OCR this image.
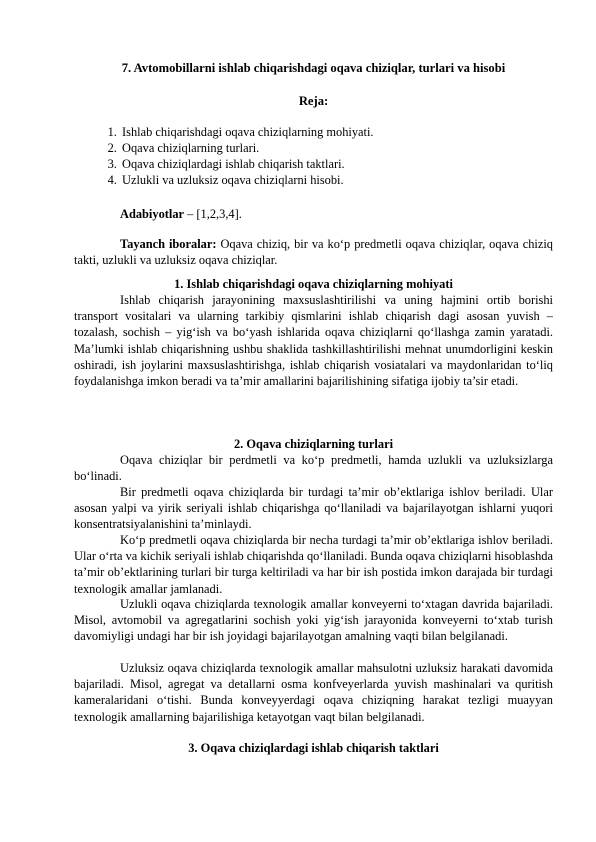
7. Avtomobillarni ishlab chiqarishdagi oqava chiziqlar, turlari va hisobi
Reja:
1. Ishlab chiqarishdagi oqava chiziqlarning mohiyati.
2. Oqava chiziqlarning turlari.
3. Oqava chiziqlardagi ishlab chiqarish taktlari.
4. Uzlukli va uzluksiz oqava chiziqlarni hisobi.
Adabiyotlar – [1,2,3,4].
Tayanch iboralar: Oqava chiziq, bir va ko‘p predmetli oqava chiziqlar, oqava chiziq takti, uzlukli va uzluksiz oqava chiziqlar.
1. Ishlab chiqarishdagi oqava chiziqlarning mohiyati
Ishlab chiqarish jarayonining maxsuslashtirilishi va uning hajmini ortib borishi transport vositalari va ularning tarkibiy qismlarini ishlab chiqarish dagi asosan yuvish – tozalash, sochish – yig‘ish va bo‘yash ishlarida oqava chiziqlarni qo‘llashga zamin yaratadi. Ma’lumki ishlab chiqarishning ushbu shaklida tashkillashtirilishi mehnat unumdorligini keskin oshiradi, ish joylarini maxsuslashtirishga, ishlab chiqarish vosiatalari va maydonlaridan to‘liq foydalanishga imkon beradi va ta’mir amallarini bajarilishining sifatiga ijobiy ta’sir etadi.
2. Oqava chiziqlarning turlari
Oqava chiziqlar bir perdmetli va ko‘p predmetli, hamda uzlukli va uzluksizlarga bo‘linadi.
Bir predmetli oqava chiziqlarda bir turdagi ta’mir ob’ektlariga ishlov beriladi. Ular asosan yalpi va yirik seriyali ishlab chiqarishga qo‘llaniladi va bajarilayotgan ishlarni yuqori konsentratsiyalanishini ta’minlaydi.
Ko‘p predmetli oqava chiziqlarda bir necha turdagi ta’mir ob’ektlariga ishlov beriladi. Ular o‘rta va kichik seriyali ishlab chiqarishda qo‘llaniladi. Bunda oqava chiziqlarni hisoblashda ta’mir ob’ektlarining turlari bir turga keltiriladi va har bir ish postida imkon darajada bir turdagi texnologik amallar jamlanadi.
Uzlukli oqava chiziqlarda texnologik amallar konveyerni to‘xtagan davrida bajariladi. Misol, avtomobil va agregatlarini sochish yoki yig‘ish jarayonida konveyerni to‘xtab turish davomiyligi undagi har bir ish joyidagi bajarilayotgan amalning vaqti bilan belgilanadi.
Uzluksiz oqava chiziqlarda texnologik amallar mahsulotni uzluksiz harakati davomida bajariladi. Misol, agregat va detallarni osma konfveyerlarda yuvish mashinalari va quritish kameralaridani o‘tishi. Bunda konveyyerdagi oqava chiziqning harakat tezligi muayyan texnologik amallarning bajarilishiga ketayotgan vaqt bilan belgilanadi.
3. Oqava chiziqlardagi ishlab chiqarish taktlari
